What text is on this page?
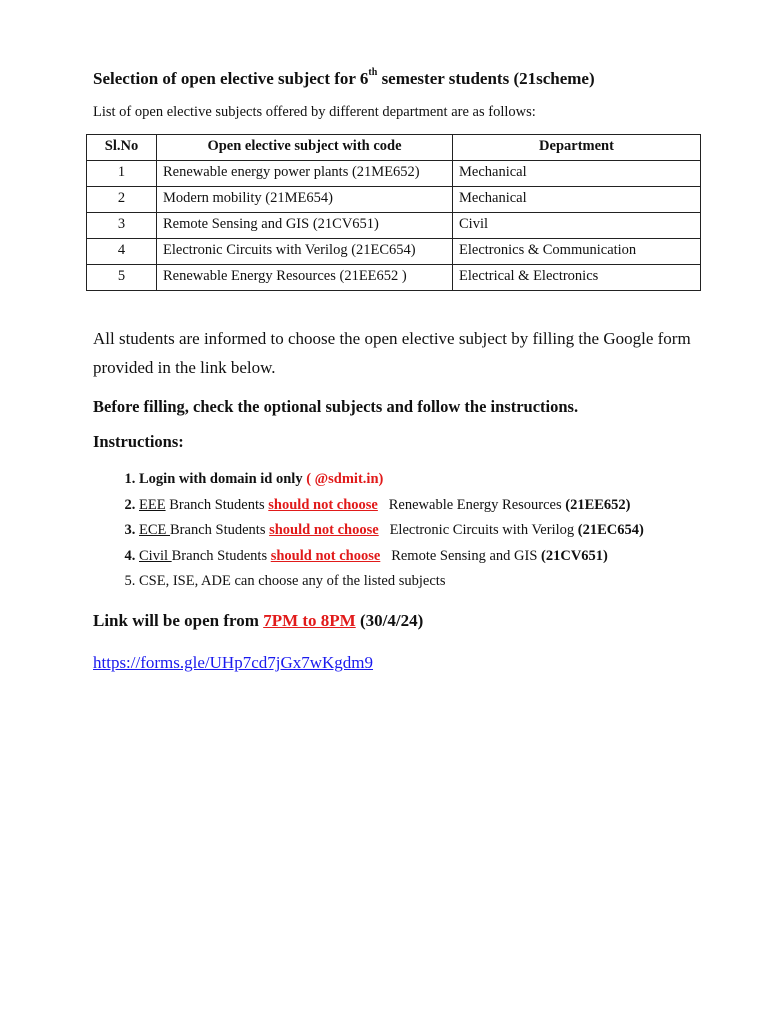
Selection of open elective subject for 6th semester students (21scheme)
List of open elective subjects offered by different department are as follows:
Sl.No	Open elective subject with code	Department
1	Renewable energy power plants (21ME652)	Mechanical
2	Modern mobility (21ME654)	Mechanical
3	Remote Sensing and GIS (21CV651)	Civil
4	Electronic Circuits with Verilog (21EC654)	Electronics & Communication
5	Renewable Energy Resources (21EE652 )	Electrical & Electronics
All students are informed to choose the open elective subject by filling the Google form provided in the link below.
Before filling, check the optional subjects and follow the instructions.
Instructions:
1. Login with domain id only ( @sdmit.in)
2. EEE Branch Students should not choose   Renewable Energy Resources (21EE652)
3. ECE Branch Students should not choose   Electronic Circuits with Verilog (21EC654)
4. Civil Branch Students should not choose   Remote Sensing and GIS (21CV651)
5. CSE, ISE, ADE can choose any of the listed subjects
Link will be open from 7PM to 8PM (30/4/24)
https://forms.gle/UHp7cd7jGx7wKgdm9
